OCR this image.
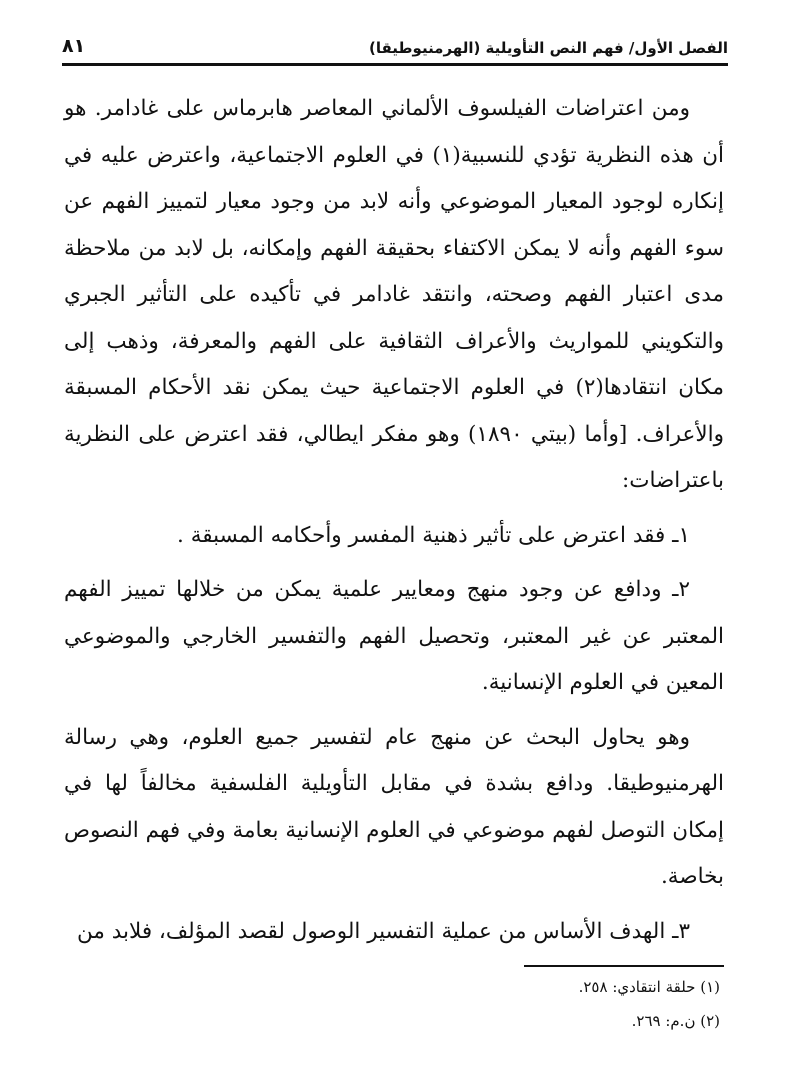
الفصل الأول/ فهم النص التأويلية (الهرمنيوطيقا)
٨١

ومن اعتراضات الفيلسوف الألماني المعاصر هابرماس على غادامر. هو أن هذه النظرية تؤدي للنسبية(١) في العلوم الاجتماعية، واعترض عليه في إنكاره لوجود المعيار الموضوعي وأنه لابد من وجود معيار لتمييز الفهم عن سوء الفهم وأنه لا يمكن الاكتفاء بحقيقة الفهم وإمكانه، بل لابد من ملاحظة مدى اعتبار الفهم وصحته، وانتقد غادامر في تأكيده على التأثير الجبري والتكويني للمواريث والأعراف الثقافية على الفهم والمعرفة، وذهب إلى مكان انتقادها(٢) في العلوم الاجتماعية حيث يمكن نقد الأحكام المسبقة والأعراف. [وأما (بيتي ١٨٩٠) وهو مفكر ايطالي، فقد اعترض على النظرية باعتراضات:

١ـ فقد اعترض على تأثير ذهنية المفسر وأحكامه المسبقة .

٢ـ ودافع عن وجود منهج ومعايير علمية يمكن من خلالها تمييز الفهم المعتبر عن غير المعتبر، وتحصيل الفهم والتفسير الخارجي والموضوعي المعين في العلوم الإنسانية.

وهو يحاول البحث عن منهج عام لتفسير جميع العلوم، وهي رسالة الهرمنيوطيقا. ودافع بشدة في مقابل التأويلية الفلسفية مخالفاً لها في إمكان التوصل لفهم موضوعي في العلوم الإنسانية بعامة وفي فهم النصوص بخاصة.

٣ـ الهدف الأساس من عملية التفسير الوصول لقصد المؤلف، فلابد من

(١) حلقة انتقادي: ٢٥٨.
(٢) ن.م: ٢٦٩.
